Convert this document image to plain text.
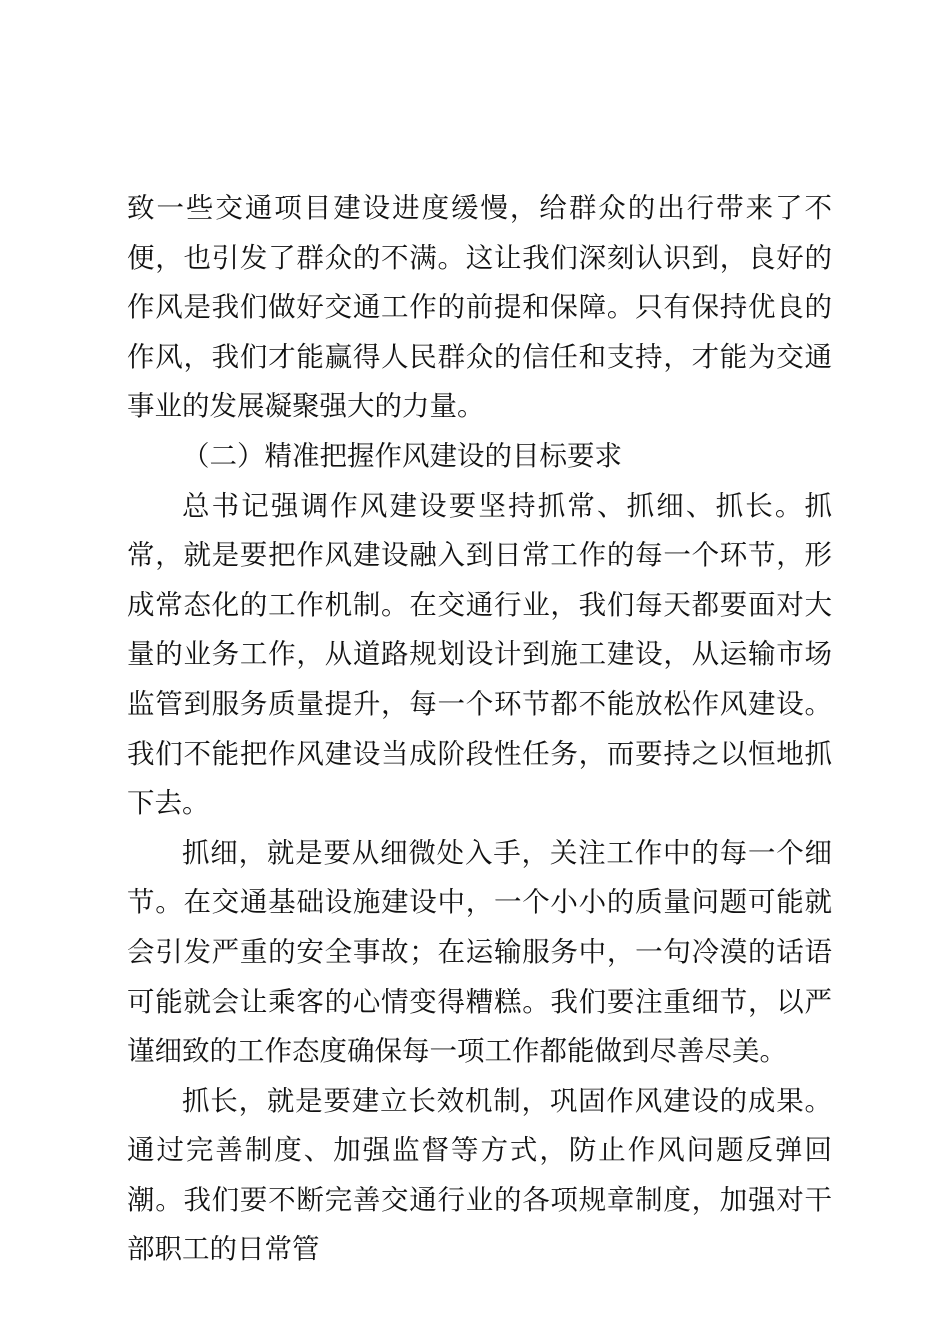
致一些交通项目建设进度缓慢，给群众的出行带来了不便，也引发了群众的不满。这让我们深刻认识到，良好的作风是我们做好交通工作的前提和保障。只有保持优良的作风，我们才能赢得人民群众的信任和支持，才能为交通事业的发展凝聚强大的力量。

（二）精准把握作风建设的目标要求

总书记强调作风建设要坚持抓常、抓细、抓长。抓常，就是要把作风建设融入到日常工作的每一个环节，形成常态化的工作机制。在交通行业，我们每天都要面对大量的业务工作，从道路规划设计到施工建设，从运输市场监管到服务质量提升，每一个环节都不能放松作风建设。我们不能把作风建设当成阶段性任务，而要持之以恒地抓下去。

抓细，就是要从细微处入手，关注工作中的每一个细节。在交通基础设施建设中，一个小小的质量问题可能就会引发严重的安全事故；在运输服务中，一句冷漠的话语可能就会让乘客的心情变得糟糕。我们要注重细节，以严谨细致的工作态度确保每一项工作都能做到尽善尽美。

抓长，就是要建立长效机制，巩固作风建设的成果。通过完善制度、加强监督等方式，防止作风问题反弹回潮。我们要不断完善交通行业的各项规章制度，加强对干部职工的日常管
